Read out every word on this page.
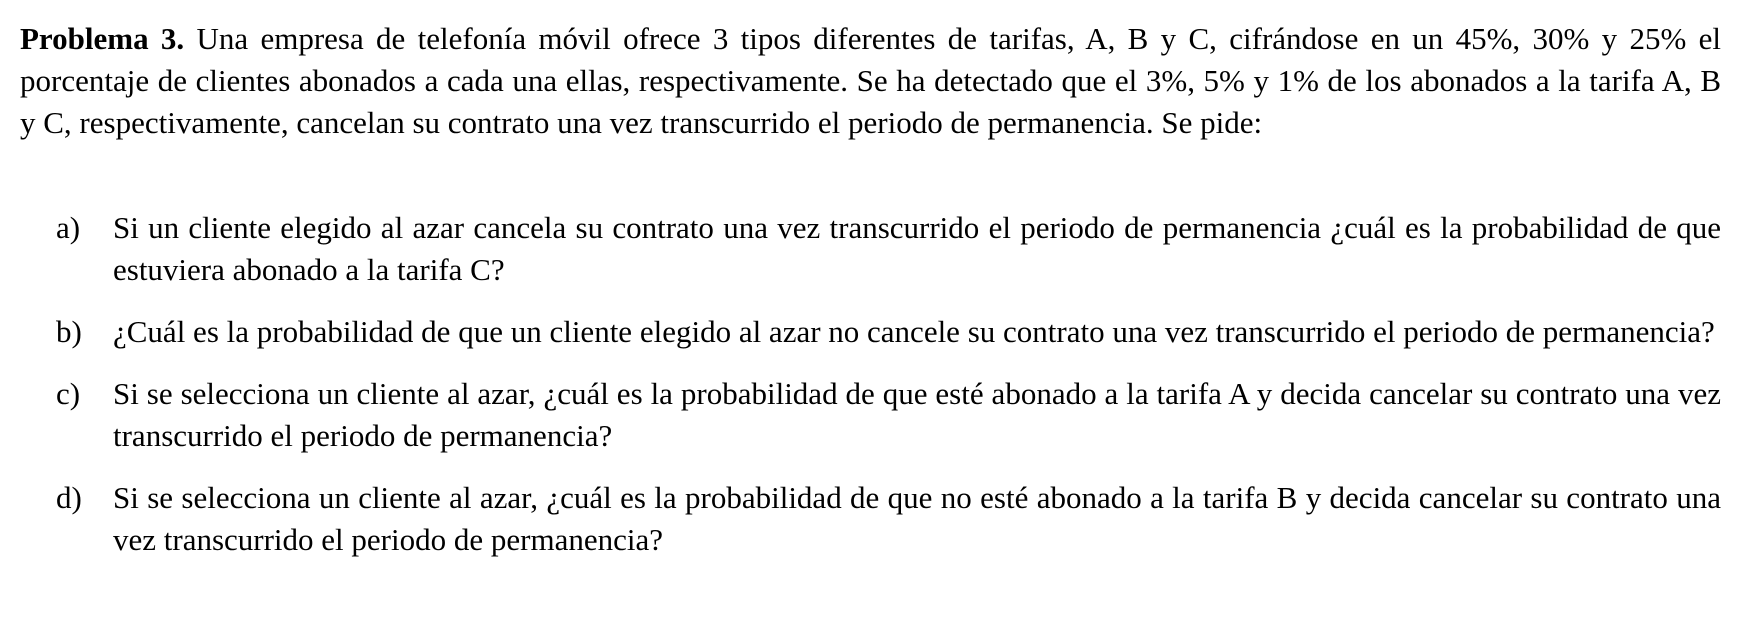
Problema 3. Una empresa de telefonía móvil ofrece 3 tipos diferentes de tarifas, A, B y C, cifrándose en un 45%, 30% y 25% el porcentaje de clientes abonados a cada una ellas, respectivamente. Se ha detectado que el 3%, 5% y 1% de los abonados a la tarifa A, B y C, respectivamente, cancelan su contrato una vez transcurrido el periodo de permanencia. Se pide:
a) Si un cliente elegido al azar cancela su contrato una vez transcurrido el periodo de permanencia ¿cuál es la probabilidad de que estuviera abonado a la tarifa C?
b) ¿Cuál es la probabilidad de que un cliente elegido al azar no cancele su contrato una vez transcurrido el periodo de permanencia?
c) Si se selecciona un cliente al azar, ¿cuál es la probabilidad de que esté abonado a la tarifa A y decida cancelar su contrato una vez transcurrido el periodo de permanencia?
d) Si se selecciona un cliente al azar, ¿cuál es la probabilidad de que no esté abonado a la tarifa B y decida cancelar su contrato una vez transcurrido el periodo de permanencia?
